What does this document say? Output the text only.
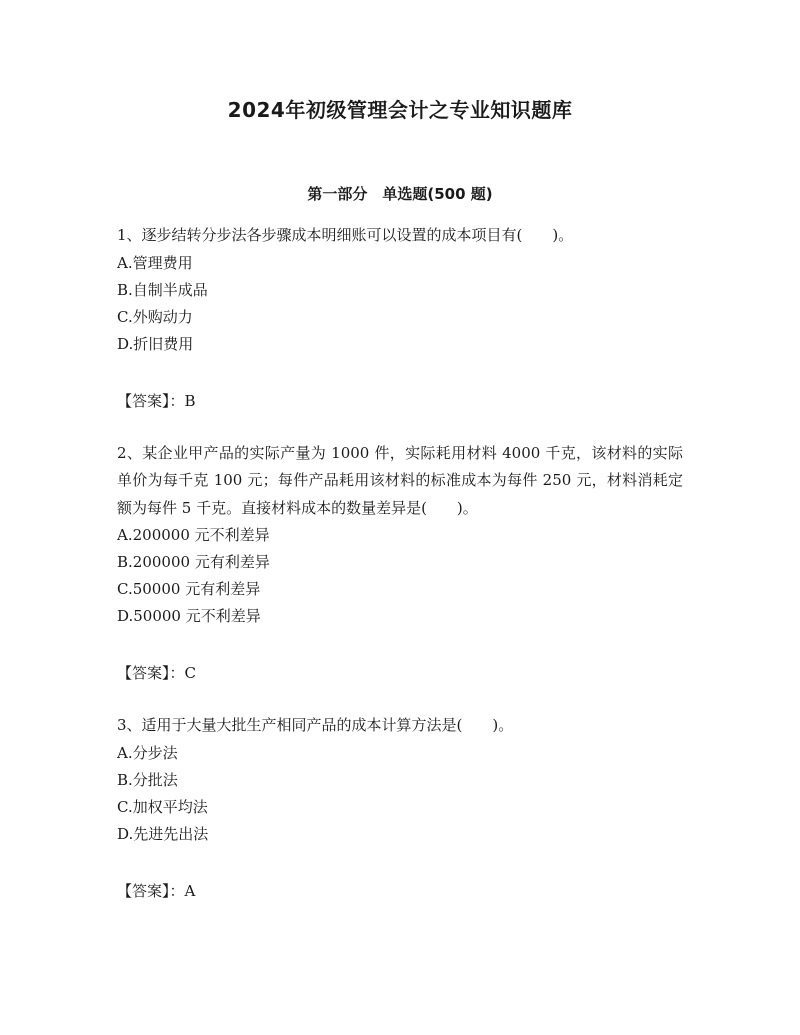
2024年初级管理会计之专业知识题库
第一部分　单选题(500 题)

1、逐步结转分步法各步骤成本明细账可以设置的成本项目有(　　)。

A.管理费用

B.自制半成品

C.外购动力

D.折旧费用

【答案】：B

2、某企业甲产品的实际产量为 1000 件，实际耗用材料 4000 千克，该材料的实际单价为每千克 100 元；每件产品耗用该材料的标准成本为每件 250 元，材料消耗定额为每件 5 千克。直接材料成本的数量差异是(　　)。

A.200000 元不利差异

B.200000 元有利差异

C.50000 元有利差异

D.50000 元不利差异

【答案】：C

3、适用于大量大批生产相同产品的成本计算方法是(　　)。

A.分步法

B.分批法

C.加权平均法

D.先进先出法

【答案】：A
